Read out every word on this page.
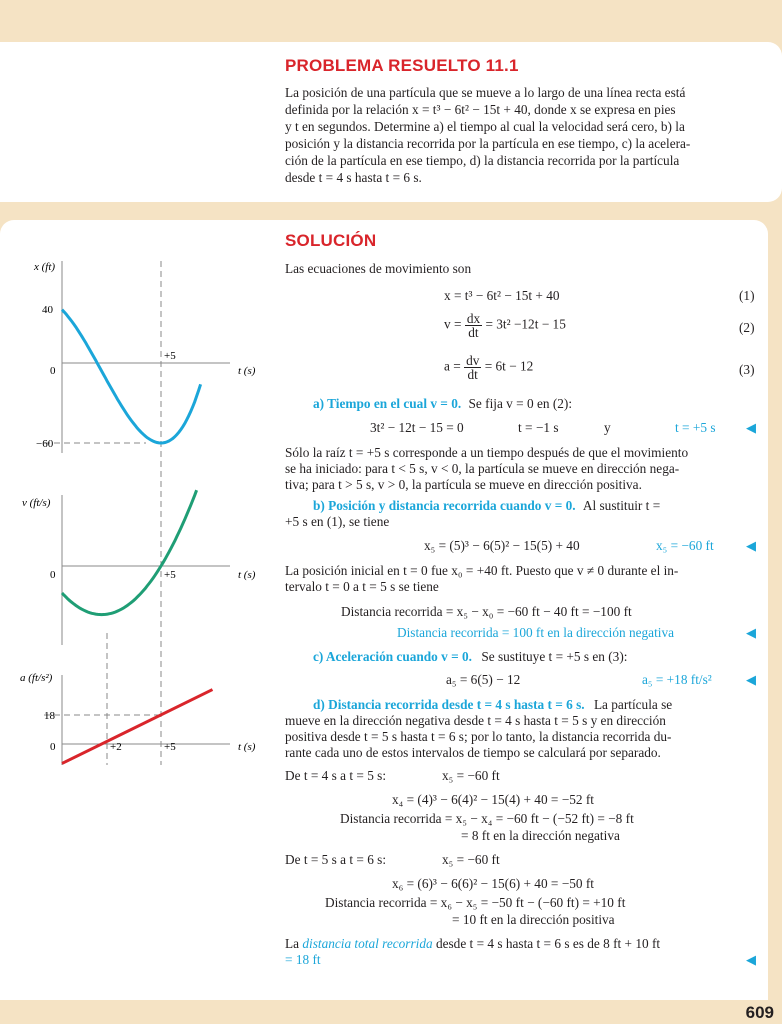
609
PROBLEMA RESUELTO 11.1

La posición de una partícula que se mueve a lo largo de una línea recta está

definida por la relación x = t³ − 6t² − 15t + 40, donde x se expresa en pies

y t en segundos. Determine a) el tiempo al cual la velocidad será cero, b) la

posición y la distancia recorrida por la partícula en ese tiempo, c) la acelera-

ción de la partícula en ese tiempo, d) la distancia recorrida por la partícula

desde t = 4 s hasta t = 6 s.

SOLUCIÓN
Las ecuaciones de movimiento son
x = t³ − 6t² − 15t + 40	(1)
$v = \frac{dx}{dt} = 3t^2 -12t - 15$	(2)
$a = \frac{dv}{dt} = 6t - 12$	(3)
a) Tiempo en el cual v = 0. Se fija v = 0 en (2):
3t² − 12t − 15 = 0	t = −1 s	y	t = +5 s ◀

Sólo la raíz t = +5 s corresponde a un tiempo después de que el movimiento

se ha iniciado: para t < 5 s, v < 0, la partícula se mueve en dirección nega-

tiva; para t > 5 s, v > 0, la partícula se mueve en dirección positiva.

b) Posición y distancia recorrida cuando v = 0. Al sustituir t =
+5 s en (1), se tiene
x₅ = (5)³ − 6(5)² − 15(5) + 40	x₅ = −60 ft ◀

La posición inicial en t = 0 fue x₀ = +40 ft. Puesto que v ≠ 0 durante el in-

tervalo t = 0 a t = 5 s se tiene

Distancia recorrida = x₅ − x₀ = −60 ft − 40 ft = −100 ft
Distancia recorrida = 100 ft en la dirección negativa	◀
c) Aceleración cuando v = 0. Se sustituye t = +5 s en (3):
a₅ = 6(5) − 12	a₅ = +18 ft/s²	◀
d) Distancia recorrida desde t = 4 s hasta t = 6 s. La partícula se

mueve en la dirección negativa desde t = 4 s hasta t = 5 s y en dirección

positiva desde t = 5 s hasta t = 6 s; por lo tanto, la distancia recorrida du-

rante cada uno de estos intervalos de tiempo se calculará por separado.

De t = 4 s a t = 5 s:	x₅ = −60 ft
x₄ = (4)³ − 6(4)² − 15(4) + 40 = −52 ft
Distancia recorrida = x₅ − x₄ = −60 ft − (−52 ft) = −8 ft
= 8 ft en la dirección negativa
De t = 5 s a t = 6 s:	x₅ = −60 ft
x₆ = (6)³ − 6(6)² − 15(6) + 40 = −50 ft
Distancia recorrida = x₆ − x₅ = −50 ft − (−60 ft) = +10 ft
= 10 ft en la dirección positiva
La distancia total recorrida desde t = 4 s hasta t = 6 s es de 8 ft + 10 ft
= 18 ft	◀
x (ft)
t (s)
40
0
−60
+5
v (ft/s)
t (s)
0	+5
a (ft/s²)
t (s)
18
0	+2	+5
